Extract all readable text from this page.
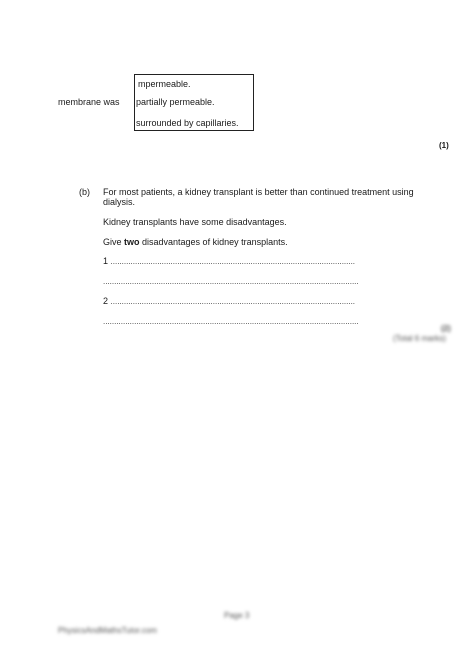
membrane was
mpermeable.
partially permeable.
surrounded by capillaries.
(1)
(b) For most patients, a kidney transplant is better than continued treatment using
dialysis.
Kidney transplants have some disadvantages.
Give two disadvantages of kidney transplants.
1 ..............................................................................................................
...................................................................................................................
2 ..............................................................................................................
...................................................................................................................
(2)
(Total 6 marks)
Page 3
PhysicsAndMathsTutor.com
